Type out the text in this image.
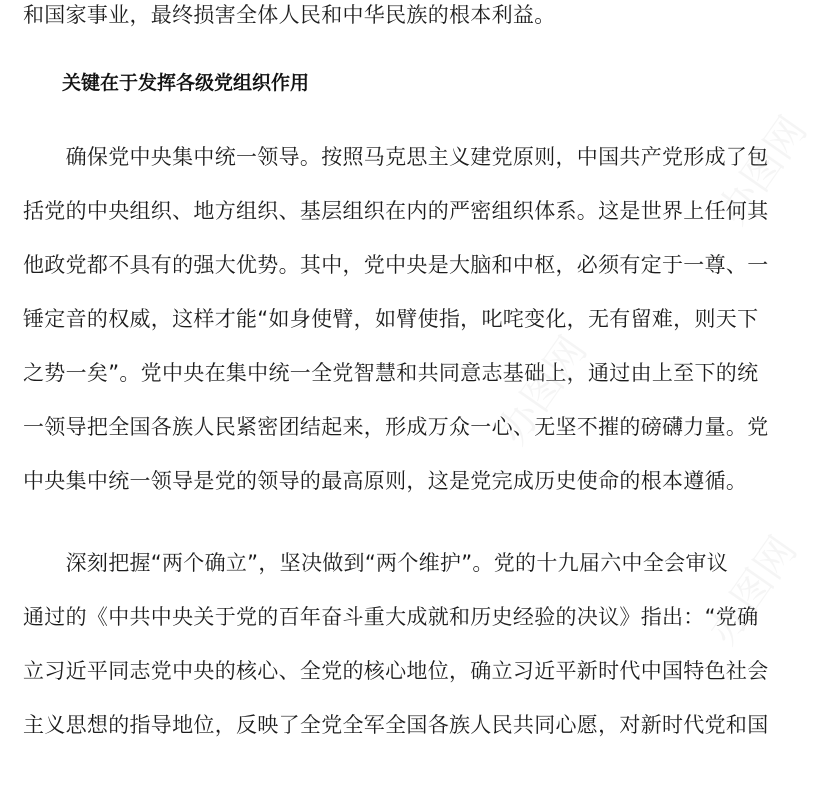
和国家事业，最终损害全体人民和中华民族的根本利益。
关键在于发挥各级党组织作用
　　确保党中央集中统一领导。按照马克思主义建党原则，中国共产党形成了包
括党的中央组织、地方组织、基层组织在内的严密组织体系。这是世界上任何其
他政党都不具有的强大优势。其中，党中央是大脑和中枢，必须有定于一尊、一
锤定音的权威，这样才能“如身使臂，如臂使指，叱咤变化，无有留难，则天下
之势一矣”。党中央在集中统一全党智慧和共同意志基础上，通过由上至下的统
一领导把全国各族人民紧密团结起来，形成万众一心、无坚不摧的磅礴力量。党
中央集中统一领导是党的领导的最高原则，这是党完成历史使命的根本遵循。
　　深刻把握“两个确立”，坚决做到“两个维护”。党的十九届六中全会审议
通过的《中共中央关于党的百年奋斗重大成就和历史经验的决议》指出：“党确
立习近平同志党中央的核心、全党的核心地位，确立习近平新时代中国特色社会
主义思想的指导地位，反映了全党全军全国各族人民共同心愿，对新时代党和国
办图网
办图网
办图网
